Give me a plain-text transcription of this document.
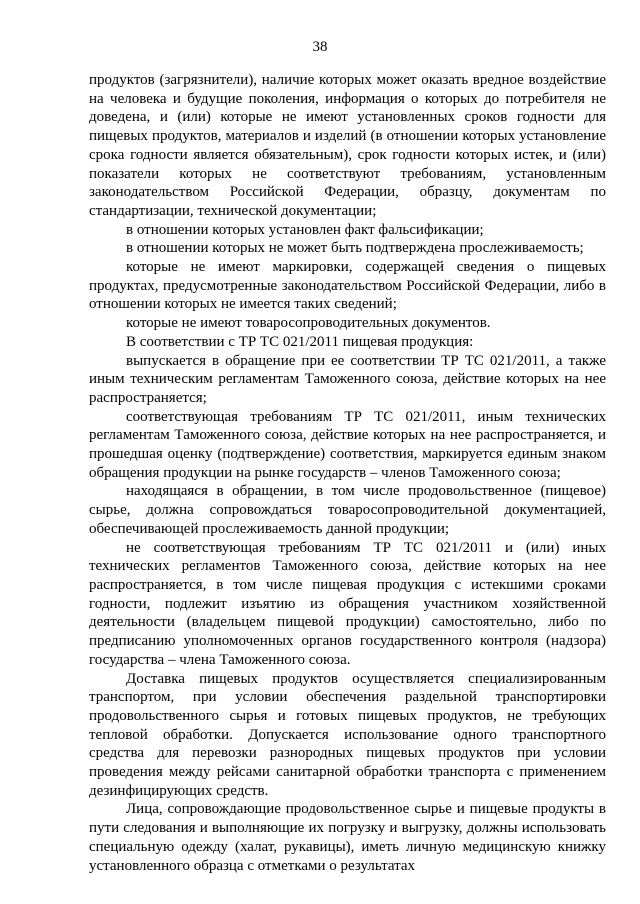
38

продуктов (загрязнители), наличие которых может оказать вредное воздействие на человека и будущие поколения, информация о которых до потребителя не доведена, и (или) которые не имеют установленных сроков годности для пищевых продуктов, материалов и изделий (в отношении которых установление срока годности является обязательным), срок годности которых истек, и (или) показатели которых не соответствуют требованиям, установленным законодательством Российской Федерации, образцу, документам по стандартизации, технической документации;

в отношении которых установлен факт фальсификации;

в отношении которых не может быть подтверждена прослеживаемость;

которые не имеют маркировки, содержащей сведения о пищевых продуктах, предусмотренные законодательством Российской Федерации, либо в отношении которых не имеется таких сведений;

которые не имеют товаросопроводительных документов.

В соответствии с ТР ТС 021/2011 пищевая продукция:

выпускается в обращение при ее соответствии ТР ТС 021/2011, а также иным техническим регламентам Таможенного союза, действие которых на нее распространяется;

соответствующая требованиям ТР ТС 021/2011, иным технических регламентам Таможенного союза, действие которых на нее распространяется, и прошедшая оценку (подтверждение) соответствия, маркируется единым знаком обращения продукции на рынке государств – членов Таможенного союза;

находящаяся в обращении, в том числе продовольственное (пищевое) сырье, должна сопровождаться товаросопроводительной документацией, обеспечивающей прослеживаемость данной продукции;

не соответствующая требованиям ТР ТС 021/2011 и (или) иных технических регламентов Таможенного союза, действие которых на нее распространяется, в том числе пищевая продукция с истекшими сроками годности, подлежит изъятию из обращения участником хозяйственной деятельности (владельцем пищевой продукции) самостоятельно, либо по предписанию уполномоченных органов государственного контроля (надзора) государства – члена Таможенного союза.

Доставка пищевых продуктов осуществляется специализированным транспортом, при условии обеспечения раздельной транспортировки продовольственного сырья и готовых пищевых продуктов, не требующих тепловой обработки. Допускается использование одного транспортного средства для перевозки разнородных пищевых продуктов при условии проведения между рейсами санитарной обработки транспорта с применением дезинфицирующих средств.

Лица, сопровождающие продовольственное сырье и пищевые продукты в пути следования и выполняющие их погрузку и выгрузку, должны использовать специальную одежду (халат, рукавицы), иметь личную медицинскую книжку установленного образца с отметками о результатах
